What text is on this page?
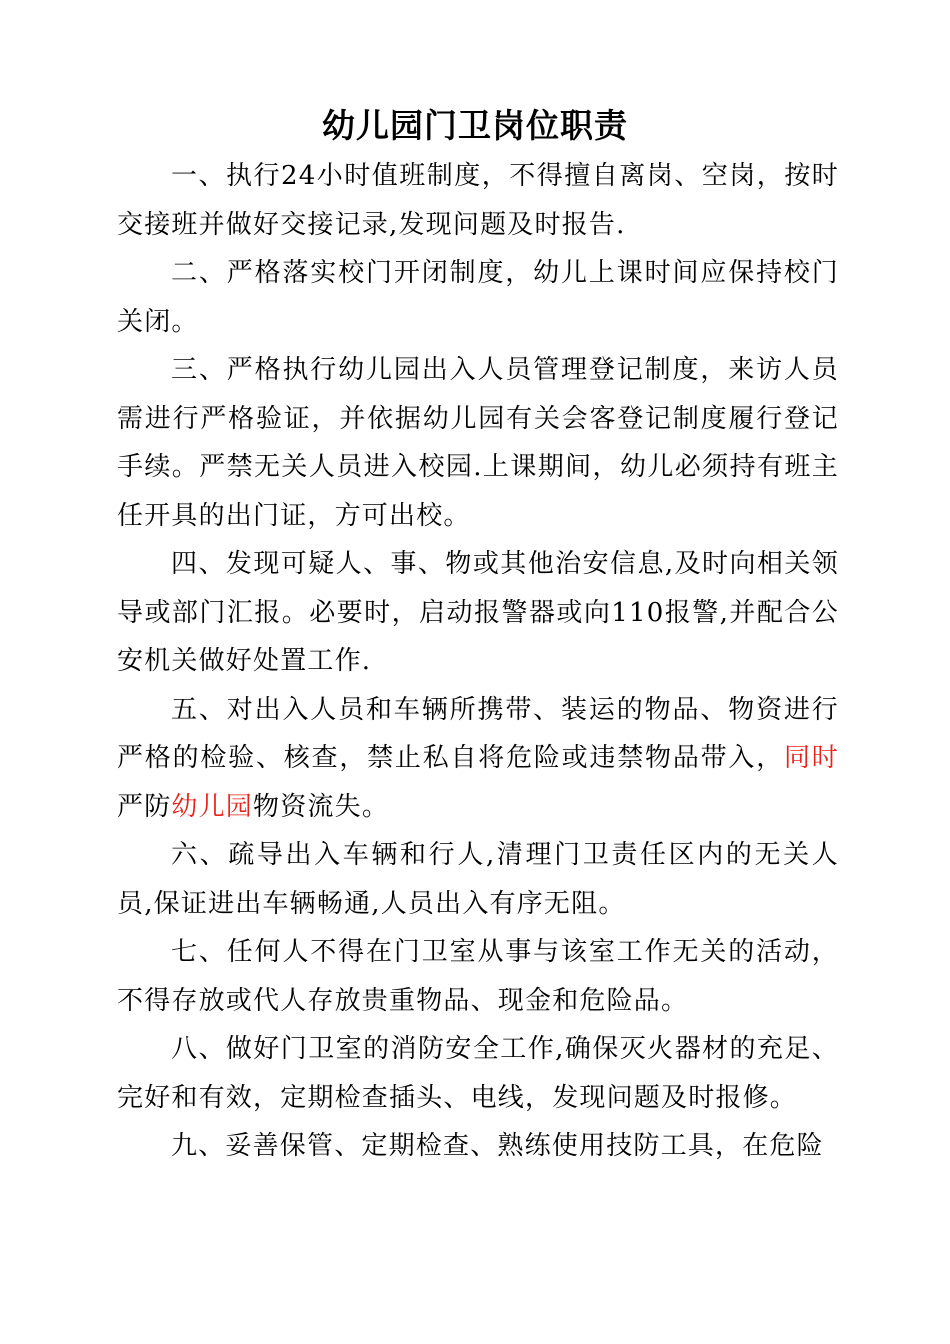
幼儿园门卫岗位职责

一、执行24小时值班制度，不得擅自离岗、空岗，按时交接班并做好交接记录,发现问题及时报告.

二、严格落实校门开闭制度，幼儿上课时间应保持校门关闭。

三、严格执行幼儿园出入人员管理登记制度，来访人员需进行严格验证，并依据幼儿园有关会客登记制度履行登记手续。严禁无关人员进入校园.上课期间，幼儿必须持有班主任开具的出门证，方可出校。

四、发现可疑人、事、物或其他治安信息,及时向相关领导或部门汇报。必要时，启动报警器或向110报警,并配合公安机关做好处置工作.

五、对出入人员和车辆所携带、装运的物品、物资进行严格的检验、核查，禁止私自将危险或违禁物品带入，同时严防幼儿园物资流失。

六、疏导出入车辆和行人,清理门卫责任区内的无关人员,保证进出车辆畅通,人员出入有序无阻。

七、任何人不得在门卫室从事与该室工作无关的活动，不得存放或代人存放贵重物品、现金和危险品。

八、做好门卫室的消防安全工作,确保灭火器材的充足、完好和有效，定期检查插头、电线，发现问题及时报修。

九、妥善保管、定期检查、熟练使用技防工具，在危险
